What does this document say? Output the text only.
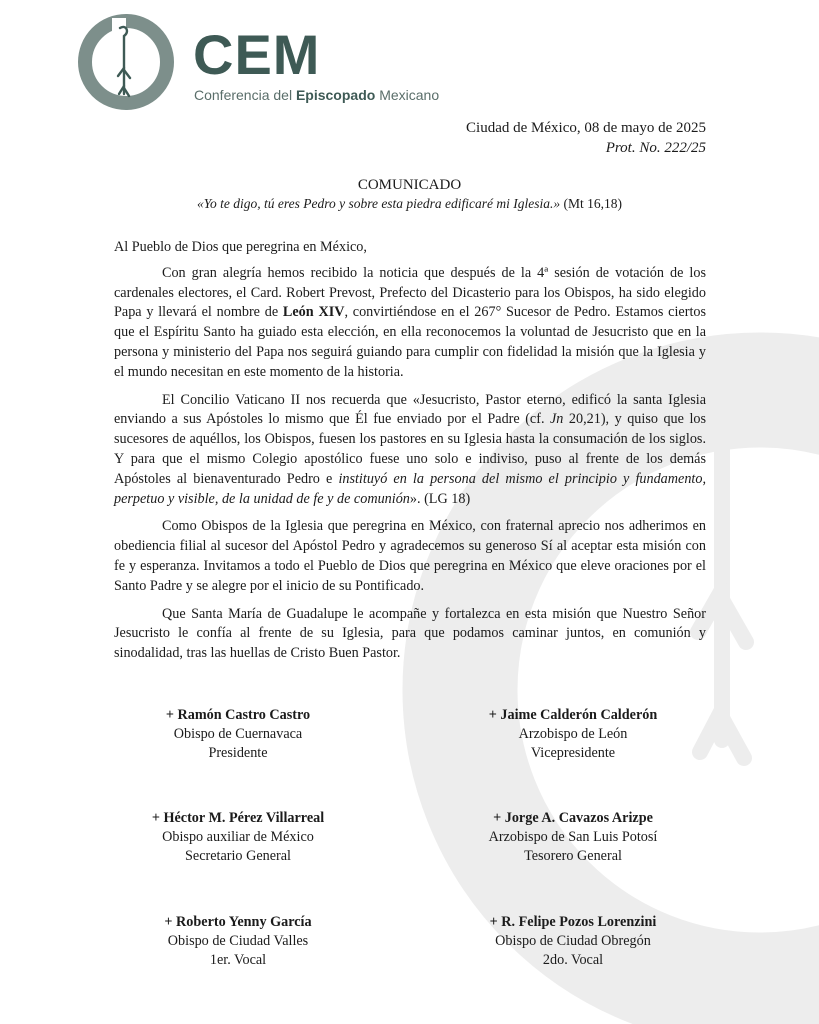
CEM
Conferencia del Episcopado Mexicano
Ciudad de México, 08 de mayo de 2025
Prot. No. 222/25
COMUNICADO
«Yo te digo, tú eres Pedro y sobre esta piedra edificaré mi Iglesia.» (Mt 16,18)

Al Pueblo de Dios que peregrina en México,

Con gran alegría hemos recibido la noticia que después de la 4ª sesión de votación de los cardenales electores, el Card. Robert Prevost, Prefecto del Dicasterio para los Obispos, ha sido elegido Papa y llevará el nombre de León XIV, convirtiéndose en el 267° Sucesor de Pedro. Estamos ciertos que el Espíritu Santo ha guiado esta elección, en ella reconocemos la voluntad de Jesucristo que en la persona y ministerio del Papa nos seguirá guiando para cumplir con fidelidad la misión que la Iglesia y el mundo necesitan en este momento de la historia.

El Concilio Vaticano II nos recuerda que «Jesucristo, Pastor eterno, edificó la santa Iglesia enviando a sus Apóstoles lo mismo que Él fue enviado por el Padre (cf. Jn 20,21), y quiso que los sucesores de aquéllos, los Obispos, fuesen los pastores en su Iglesia hasta la consumación de los siglos. Y para que el mismo Colegio apostólico fuese uno solo e indiviso, puso al frente de los demás Apóstoles al bienaventurado Pedro e instituyó en la persona del mismo el principio y fundamento, perpetuo y visible, de la unidad de fe y de comunión». (LG 18)

Como Obispos de la Iglesia que peregrina en México, con fraternal aprecio nos adherimos en obediencia filial al sucesor del Apóstol Pedro y agradecemos su generoso Sí al aceptar esta misión con fe y esperanza. Invitamos a todo el Pueblo de Dios que peregrina en México que eleve oraciones por el Santo Padre y se alegre por el inicio de su Pontificado.

Que Santa María de Guadalupe le acompañe y fortalezca en esta misión que Nuestro Señor Jesucristo le confía al frente de su Iglesia, para que podamos caminar juntos, en comunión y sinodalidad, tras las huellas de Cristo Buen Pastor.

+ Ramón Castro Castro
Obispo de Cuernavaca
Presidente
+ Jaime Calderón Calderón
Arzobispo de León
Vicepresidente
+ Héctor M. Pérez Villarreal
Obispo auxiliar de México
Secretario General
+ Jorge A. Cavazos Arizpe
Arzobispo de San Luis Potosí
Tesorero General
+ Roberto Yenny García
Obispo de Ciudad Valles
1er. Vocal
+ R. Felipe Pozos Lorenzini
Obispo de Ciudad Obregón
2do. Vocal
